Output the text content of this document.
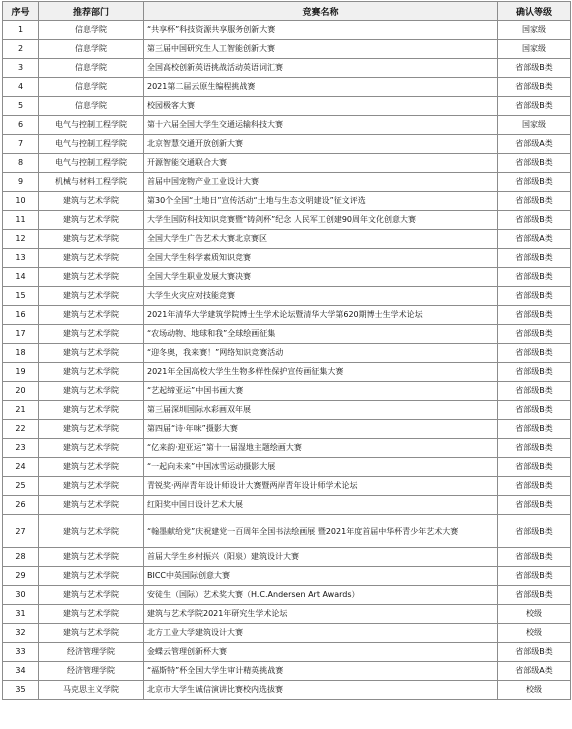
序号	推荐部门	竞赛名称	确认等级
1	信息学院	“共享杯”科技资源共享服务创新大赛	国家级
2	信息学院	第三届中国研究生人工智能创新大赛	国家级
3	信息学院	全国高校创新英语挑战活动英语词汇赛	省部级B类
4	信息学院	2021第二届云原生编程挑战赛	省部级B类
5	信息学院	校园极客大赛	省部级B类
6	电气与控制工程学院	第十六届全国大学生交通运输科技大赛	国家级
7	电气与控制工程学院	北京智慧交通开放创新大赛	省部级A类
8	电气与控制工程学院	开源智能交通联合大赛	省部级B类
9	机械与材料工程学院	首届中国宠物产业工业设计大赛	省部级B类
10	建筑与艺术学院	第30个全国“土地日”宣传活动“土地与生态文明建设”征文评选	省部级B类
11	建筑与艺术学院	大学生国防科技知识竞赛暨“铸剑杯”纪念 人民军工创建90周年文化创意大赛	省部级B类
12	建筑与艺术学院	全国大学生广告艺术大赛北京赛区	省部级A类
13	建筑与艺术学院	全国大学生科学素质知识竞赛	省部级B类
14	建筑与艺术学院	全国大学生职业发展大赛决赛	省部级B类
15	建筑与艺术学院	大学生火灾应对技能竞赛	省部级B类
16	建筑与艺术学院	2021年清华大学建筑学院博士生学术论坛暨清华大学第620期博士生学术论坛	省部级B类
17	建筑与艺术学院	“农场动物、地球和我”全球绘画征集	省部级B类
18	建筑与艺术学院	“迎冬奥，我来赛！”网络知识竞赛活动	省部级B类
19	建筑与艺术学院	2021年全国高校大学生生物多样性保护宣传画征集大赛	省部级B类
20	建筑与艺术学院	“艺起缔亚运”中国书画大赛	省部级B类
21	建筑与艺术学院	第三届深圳国际水彩画双年展	省部级B类
22	建筑与艺术学院	第四届“诗·年味”摄影大赛	省部级B类
23	建筑与艺术学院	“亿来韵·迎亚运”第十一届湿地主题绘画大赛	省部级B类
24	建筑与艺术学院	“一起向未来”中国冰雪运动摄影大展	省部级B类
25	建筑与艺术学院	青锐奖·两岸青年设计师设计大赛暨两岸青年设计师学术论坛	省部级B类
26	建筑与艺术学院	红阳奖中国日设计艺术大展	省部级B类
27	建筑与艺术学院	“翰墨献给党”庆祝建党一百周年全国书法绘画展 暨2021年度首届中华杯青少年艺术大赛	省部级B类
28	建筑与艺术学院	首届大学生乡村振兴（阳泉）建筑设计大赛	省部级B类
29	建筑与艺术学院	BICC中英国际创意大赛	省部级B类
30	建筑与艺术学院	安徒生（国际）艺术奖大赛（H.C.Andersen Art Awards）	省部级B类
31	建筑与艺术学院	建筑与艺术学院2021年研究生学术论坛	校级
32	建筑与艺术学院	北方工业大学建筑设计大赛	校级
33	经济管理学院	金蝶云管理创新杯大赛	省部级B类
34	经济管理学院	“福斯特”杯全国大学生审计精英挑战赛	省部级A类
35	马克思主义学院	北京市大学生诚信演讲比赛校内选拔赛	校级
